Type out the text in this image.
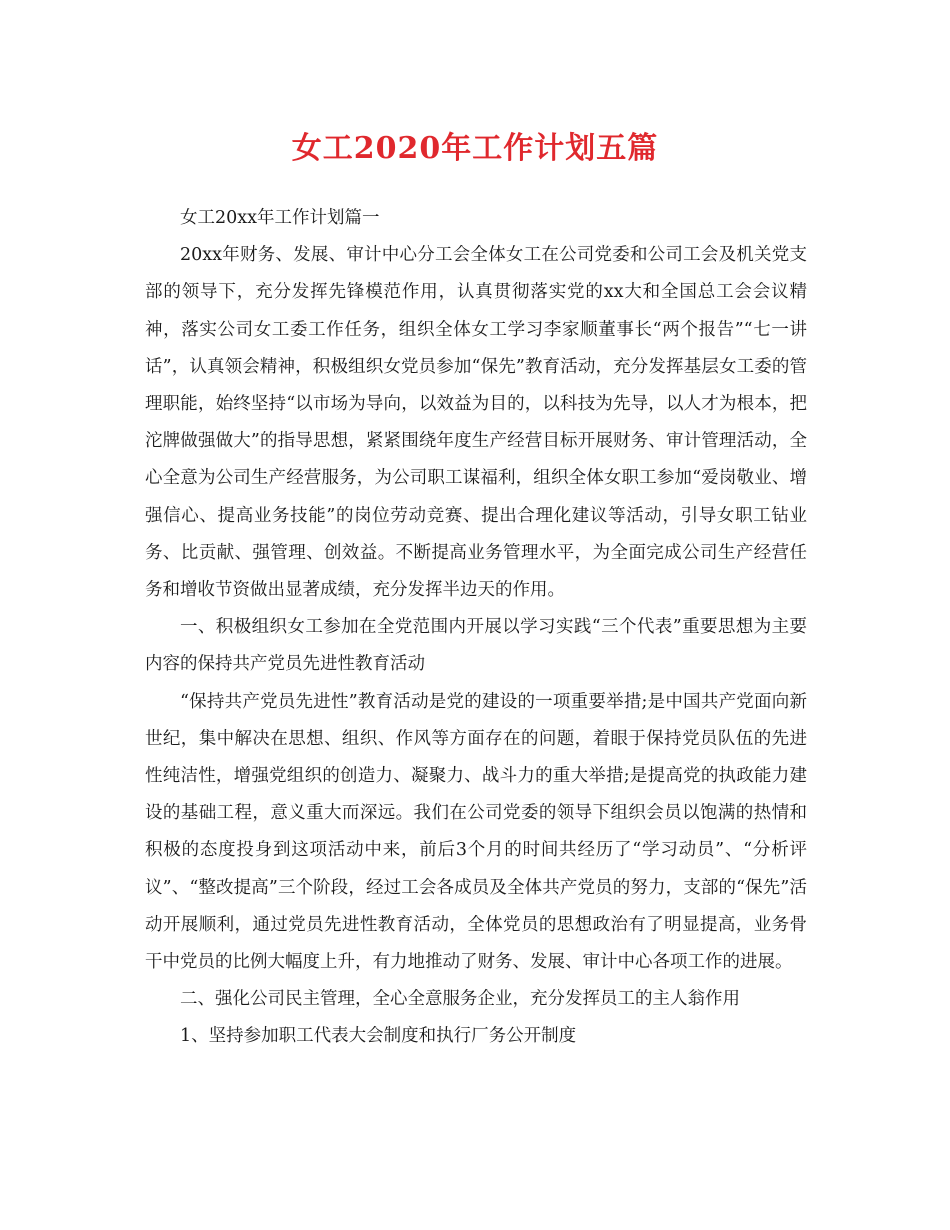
女工2020年工作计划五篇

女工20xx年工作计划篇一

20xx年财务、发展、审计中心分工会全体女工在公司党委和公司工会及机关党支部的领导下，充分发挥先锋模范作用，认真贯彻落实党的xx大和全国总工会会议精神，落实公司女工委工作任务，组织全体女工学习李家顺董事长“两个报告”“七一讲话”，认真领会精神，积极组织女党员参加“保先”教育活动，充分发挥基层女工委的管理职能，始终坚持“以市场为导向，以效益为目的，以科技为先导，以人才为根本，把沱牌做强做大”的指导思想，紧紧围绕年度生产经营目标开展财务、审计管理活动，全心全意为公司生产经营服务，为公司职工谋福利，组织全体女职工参加“爱岗敬业、增强信心、提高业务技能”的岗位劳动竞赛、提出合理化建议等活动，引导女职工钻业务、比贡献、强管理、创效益。不断提高业务管理水平，为全面完成公司生产经营任务和增收节资做出显著成绩，充分发挥半边天的作用。

一、积极组织女工参加在全党范围内开展以学习实践“三个代表”重要思想为主要内容的保持共产党员先进性教育活动

“保持共产党员先进性”教育活动是党的建设的一项重要举措;是中国共产党面向新世纪，集中解决在思想、组织、作风等方面存在的问题，着眼于保持党员队伍的先进性纯洁性，增强党组织的创造力、凝聚力、战斗力的重大举措;是提高党的执政能力建设的基础工程，意义重大而深远。我们在公司党委的领导下组织会员以饱满的热情和积极的态度投身到这项活动中来，前后3个月的时间共经历了“学习动员”、“分析评议”、“整改提高”三个阶段，经过工会各成员及全体共产党员的努力，支部的“保先”活动开展顺利，通过党员先进性教育活动，全体党员的思想政治有了明显提高，业务骨干中党员的比例大幅度上升，有力地推动了财务、发展、审计中心各项工作的进展。

二、强化公司民主管理，全心全意服务企业，充分发挥员工的主人翁作用

1、坚持参加职工代表大会制度和执行厂务公开制度
